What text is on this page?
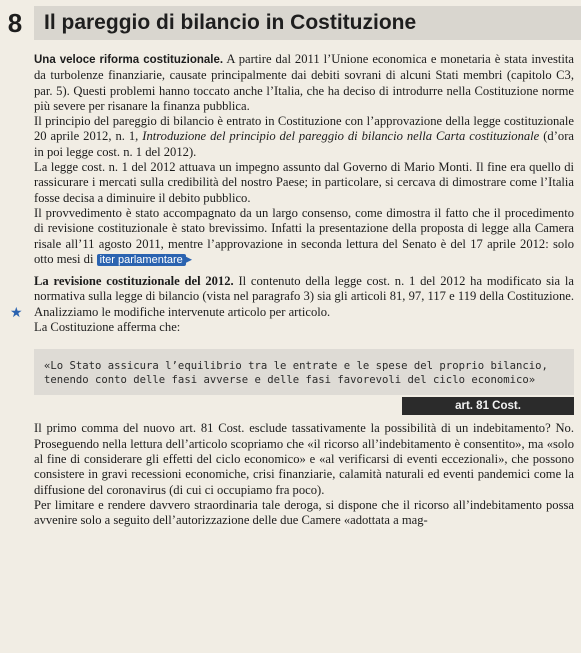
8	Il pareggio di bilancio in Costituzione
★

Una veloce riforma costituzionale. A partire dal 2011 l’Unione economica e monetaria è stata investita da turbolenze finanziarie, causate principalmente dai debiti sovrani di alcuni Stati membri (capitolo C3, par. 5). Questi problemi hanno toccato anche l’Italia, che ha deciso di introdurre nella Costituzione norme più severe per risanare la finanza pubblica.

Il principio del pareggio di bilancio è entrato in Costituzione con l’approvazione della legge costituzionale 20 aprile 2012, n. 1, Introduzione del principio del pareggio di bilancio nella Carta costituzionale (d’ora in poi legge cost. n. 1 del 2012).

La legge cost. n. 1 del 2012 attuava un impegno assunto dal Governo di Mario Monti. Il fine era quello di rassicurare i mercati sulla credibilità del nostro Paese; in particolare, si cercava di dimostrare come l’Italia fosse decisa a diminuire il debito pubblico.

Il provvedimento è stato accompagnato da un largo consenso, come dimostra il fatto che il procedimento di revisione costituzionale è stato brevissimo. Infatti la presentazione della proposta di legge alla Camera risale all’11 agosto 2011, mentre l’approvazione in seconda lettura del Senato è del 17 aprile 2012: solo otto mesi di iter parlamentare ▸

La revisione costituzionale del 2012. Il contenuto della legge cost. n. 1 del 2012 ha modificato sia la normativa sulla legge di bilancio (vista nel paragrafo 3) sia gli articoli 81, 97, 117 e 119 della Costituzione. Analizziamo le modifiche intervenute articolo per articolo.

La Costituzione afferma che:

«Lo Stato assicura l’equilibrio tra le entrate e le spese del proprio bilancio, tenendo conto delle fasi avverse e delle fasi favorevoli del ciclo economico»
art. 81 Cost.

Il primo comma del nuovo art. 81 Cost. esclude tassativamente la possibilità di un indebitamento? No. Proseguendo nella lettura dell’articolo scopriamo che «il ricorso all’indebitamento è consentito», ma «solo al fine di considerare gli effetti del ciclo economico» e «al verificarsi di eventi eccezionali», che possono consistere in gravi recessioni economiche, crisi finanziarie, calamità naturali ed eventi pandemici come la diffusione del coronavirus (di cui ci occupiamo fra poco).

Per limitare e rendere davvero straordinaria tale deroga, si dispone che il ricorso all’indebitamento possa avvenire solo a seguito dell’autorizzazione delle due Camere «adottata a mag-
